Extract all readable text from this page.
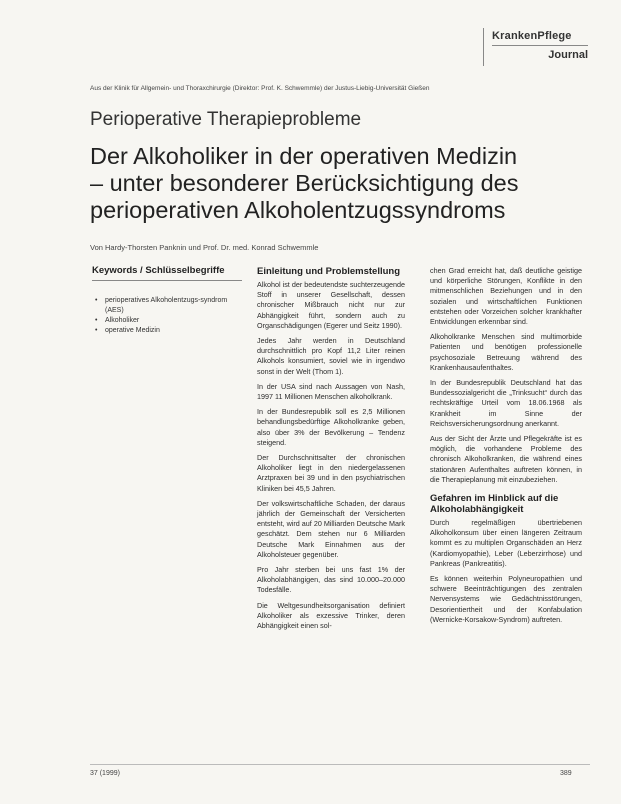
KrankenPflege
Journal
Aus der Klinik für Allgemein- und Thoraxchirurgie (Direktor: Prof. K. Schwemmle) der Justus-Liebig-Universität Gießen
Perioperative Therapieprobleme
Der Alkoholiker in der operativen Medizin
– unter besonderer Berücksichtigung des
perioperativen Alkoholentzugssyndroms
Von Hardy-Thorsten Panknin und Prof. Dr. med. Konrad Schwemmle
Keywords / Schlüsselbegriffe
• perioperatives Alkoholentzugs-syndrom (AES)
• Alkoholiker
• operative Medizin
Einleitung und Problemstellung

Alkohol ist der bedeutendste suchterzeugende Stoff in unserer Gesellschaft, dessen chronischer Mißbrauch nicht nur zur Abhängigkeit führt, sondern auch zu Organschädigungen (Egerer und Seitz 1990).

Jedes Jahr werden in Deutschland durchschnittlich pro Kopf 11,2 Liter reinen Alkohols konsumiert, soviel wie in irgendwo sonst in der Welt (Thom 1).

In der USA sind nach Aussagen von Nash, 1997 11 Millionen Menschen alkoholkrank.

In der Bundesrepublik soll es 2,5 Millionen behandlungsbedürftige Alkoholkranke geben, also über 3% der Bevölkerung – Tendenz steigend.

Der Durchschnittsalter der chronischen Alkoholiker liegt in den niedergelassenen Arztpraxen bei 39 und in den psychiatrischen Kliniken bei 45,5 Jahren.

Der volkswirtschaftliche Schaden, der daraus jährlich der Gemeinschaft der Versicherten entsteht, wird auf 20 Milliarden Deutsche Mark geschätzt. Dem stehen nur 6 Milliarden Deutsche Mark Einnahmen aus der Alkoholsteuer gegenüber.

Pro Jahr sterben bei uns fast 1% der Alkoholabhängigen, das sind 10.000–20.000 Todesfälle.

Die Weltgesundheitsorganisation definiert Alkoholiker als exzessive Trinker, deren Abhängigkeit einen sol-

chen Grad erreicht hat, daß deutliche geistige und körperliche Störungen, Konflikte in den mitmenschlichen Beziehungen und in den sozialen und wirtschaftlichen Funktionen entstehen oder Vorzeichen solcher krankhafter Entwicklungen erkennbar sind.

Alkoholkranke Menschen sind multimorbide Patienten und benötigen professionelle psychosoziale Betreuung während des Krankenhausaufenthaltes.

In der Bundesrepublik Deutschland hat das Bundessozialgericht die „Trinksucht“ durch das rechtskräftige Urteil vom 18.06.1968 als Krankheit im Sinne der Reichsversicherungsordnung anerkannt.

Aus der Sicht der Ärzte und Pflegekräfte ist es möglich, die vorhandene Probleme des chronisch Alkoholkranken, die während eines stationären Aufenthaltes auftreten können, in die Therapieplanung mit einzubeziehen.

Gefahren im Hinblick auf die Alkoholabhängigkeit

Durch regelmäßigen übertriebenen Alkoholkonsum über einen längeren Zeitraum kommt es zu multiplen Organschäden an Herz (Kardiomyopathie), Leber (Leberzirrhose) und Pankreas (Pankreatitis).

Es können weiterhin Polyneuropathien und schwere Beeinträchtigungen des zentralen Nervensystems wie Gedächtnisstörungen, Desorientiertheit und der Konfabulation (Wernicke-Korsakow-Syndrom) auftreten.

37 (1999)	389
